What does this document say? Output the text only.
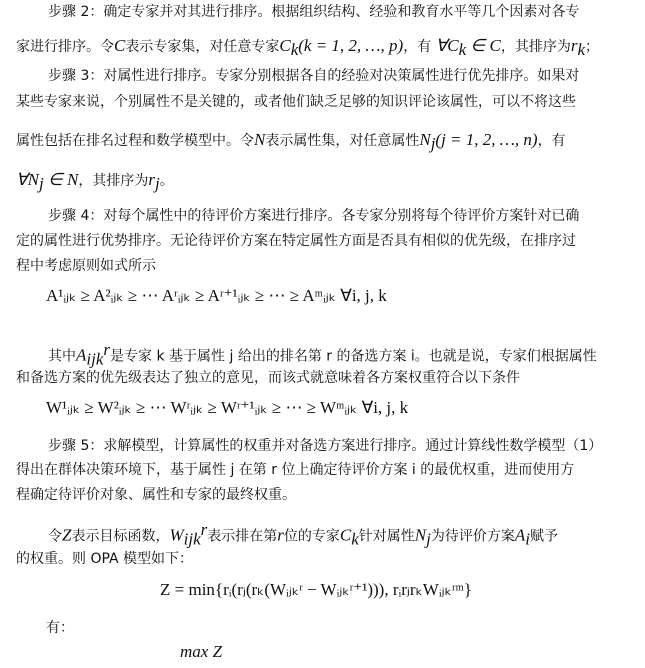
步骤 2：确定专家并对其进行排序。根据组织结构、经验和教育水平等几个因素对各专
家进行排序。令C表示专家集，对任意专家$C_k(k = 1$, 2, …, p)，有 $\forall C_k$ ∈ C，其排序为$r_k$；
步骤 3：对属性进行排序。专家分别根据各自的经验对决策属性进行优先排序。如果对
某些专家来说，个别属性不是关键的，或者他们缺乏足够的知识评论该属性，可以不将这些
属性包括在排名过程和数学模型中。令N表示属性集，对任意属性$N_j(j = 1$, 2, …, n)，有
$\forall N_j$ ∈ N，其排序为$r_j$。
步骤 4：对每个属性中的待评价方案进行排序。各专家分别将每个待评价方案针对已确
定的属性进行优势排序。无论待评价方案在特定属性方面是否具有相似的优先级，在排序过
程中考虑原则如式所示
A¹ᵢⱼₖ ≥ A²ᵢⱼₖ ≥ ⋯ Aʳᵢⱼₖ ≥ Aʳ⁺¹ᵢⱼₖ ≥ ⋯ ≥ Aᵐᵢⱼₖ ∀i, j, k
其中$A_{ijk}^r$是专家 k 基于属性 j 给出的排名第 r 的备选方案 i。也就是说，专家们根据属性
和备选方案的优先级表达了独立的意见，而该式就意味着各方案权重符合以下条件
W¹ᵢⱼₖ ≥ W²ᵢⱼₖ ≥ ⋯ Wʳᵢⱼₖ ≥ Wʳ⁺¹ᵢⱼₖ ≥ ⋯ ≥ Wᵐᵢⱼₖ ∀i, j, k
步骤 5：求解模型，计算属性的权重并对备选方案进行排序。通过计算线性数学模型（1）
得出在群体决策环境下，基于属性 j 在第 r 位上确定待评价方案 i 的最优权重，进而使用方
程确定待评价对象、属性和专家的最终权重。
令Z表示目标函数，$W_{ijk}^r$表示排在第r位的专家$C_k$针对属性$N_j$为待评价方案$A_i$赋予
的权重。则 OPA 模型如下：
Z = min{rᵢ(rⱼ(rₖ(Wᵢⱼₖʳ − Wᵢⱼₖʳ⁺¹))), rᵢrⱼrₖWᵢⱼₖʳᵐ}
有：
max Z
